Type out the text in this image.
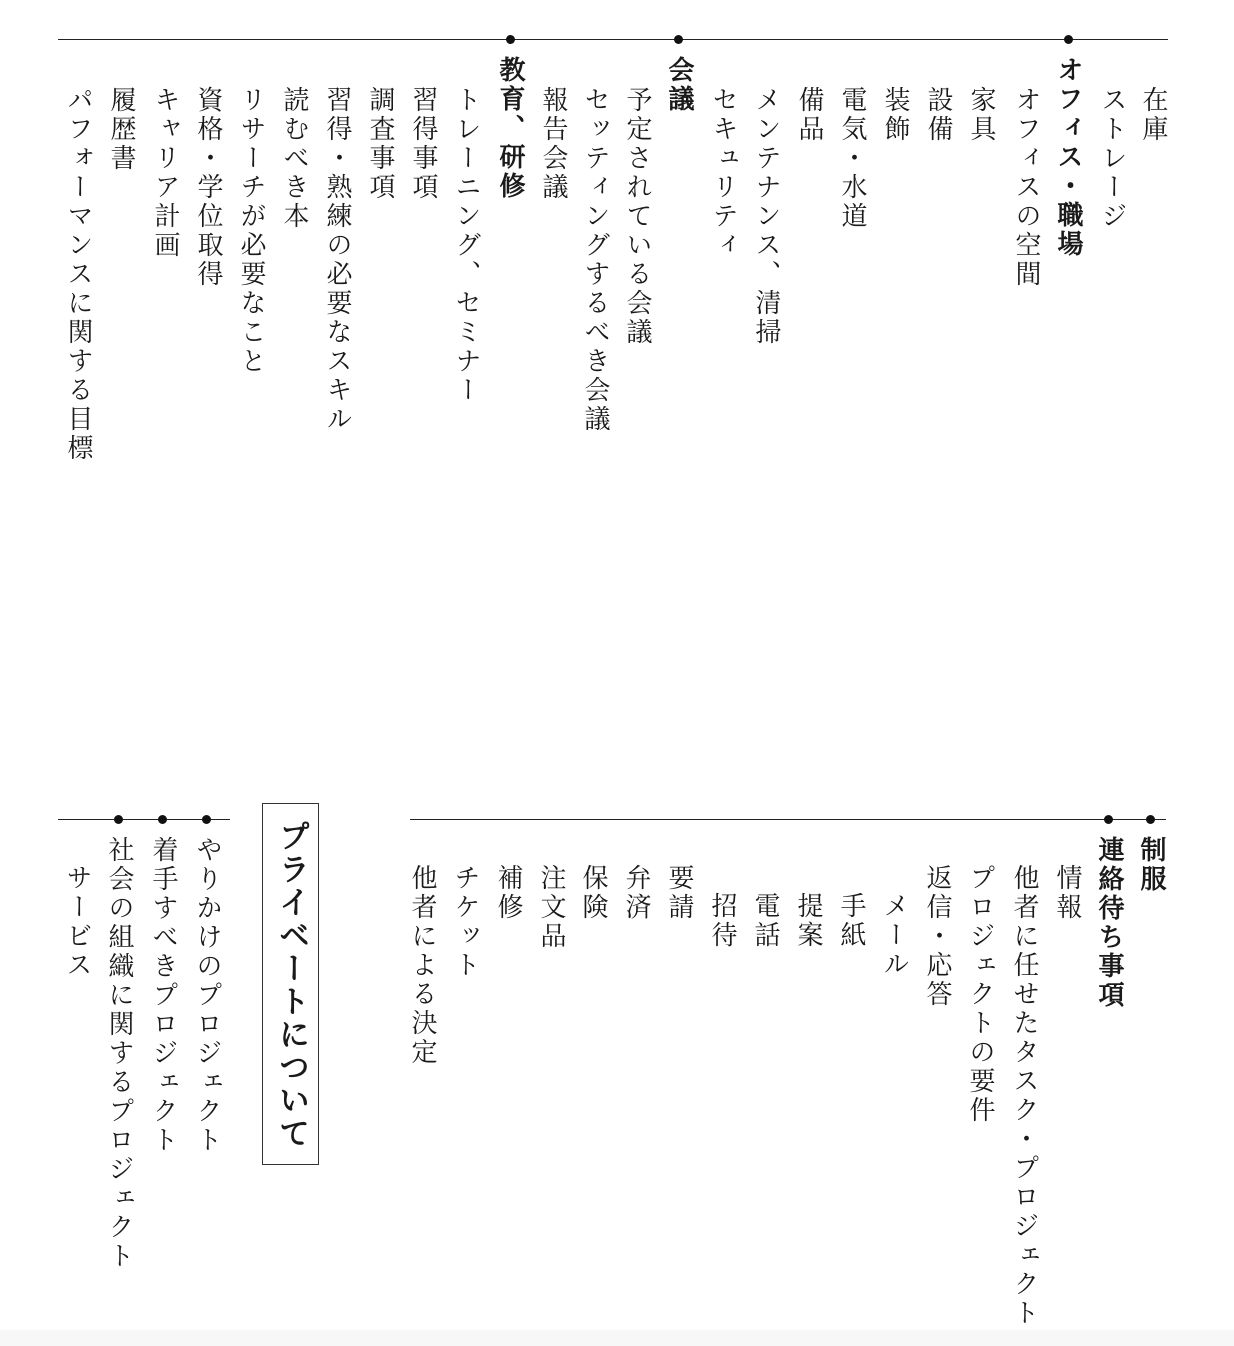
在庫
ストレージ
オフィス・職場
オフィスの空間
家具
設備
装飾
電気・水道
備品
メンテナンス、清掃
セキュリティ
会議
予定されている会議
セッティングするべき会議
報告会議
教育、研修
トレーニング、セミナー
習得事項
調査事項
習得・熟練の必要なスキル
読むべき本
リサーチが必要なこと
資格・学位取得
キャリア計画
履歴書
パフォーマンスに関する目標
制服
連絡待ち事項
情報
他者に任せたタスク・プロジェクト
プロジェクトの要件
返信・応答
メール
手紙
提案
電話
招待
要請
弁済
保険
注文品
補修
チケット
他者による決定
プライベートについて
やりかけのプロジェクト
着手すべきプロジェクト
社会の組織に関するプロジェクト
サービス
